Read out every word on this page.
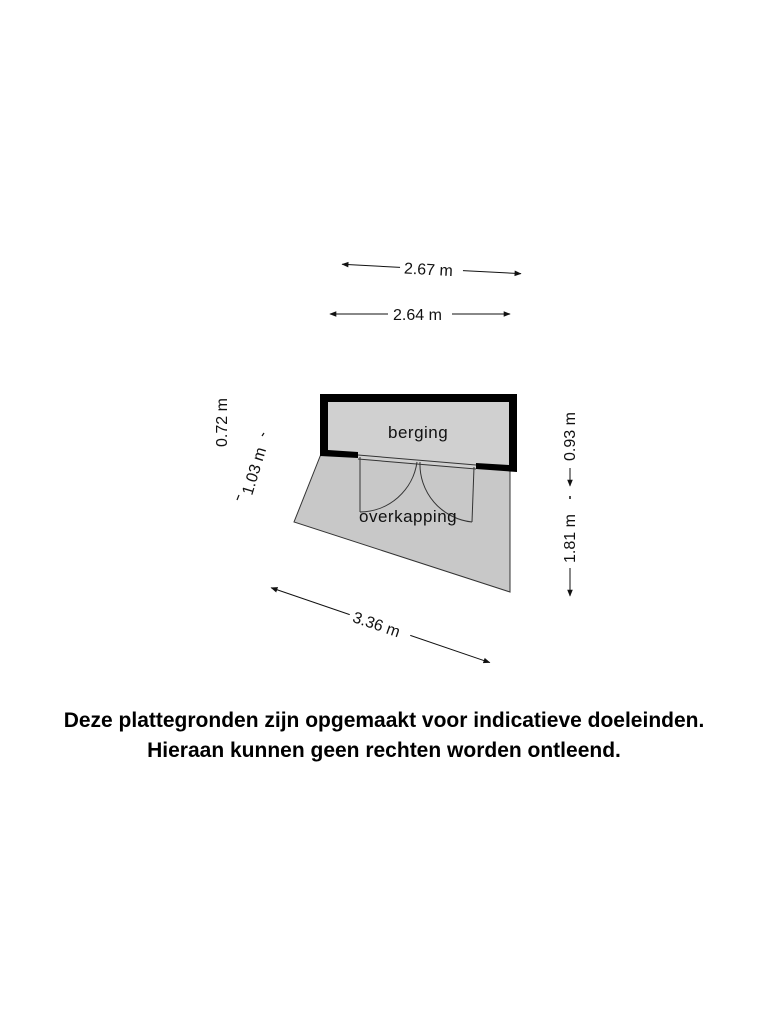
berging
overkapping
2.67 m
2.64 m
0.72 m
1.03 m
0.93 m
1.81 m
3.36 m
Deze plattegronden zijn opgemaakt voor indicatieve doeleinden.
Hieraan kunnen geen rechten worden ontleend.
